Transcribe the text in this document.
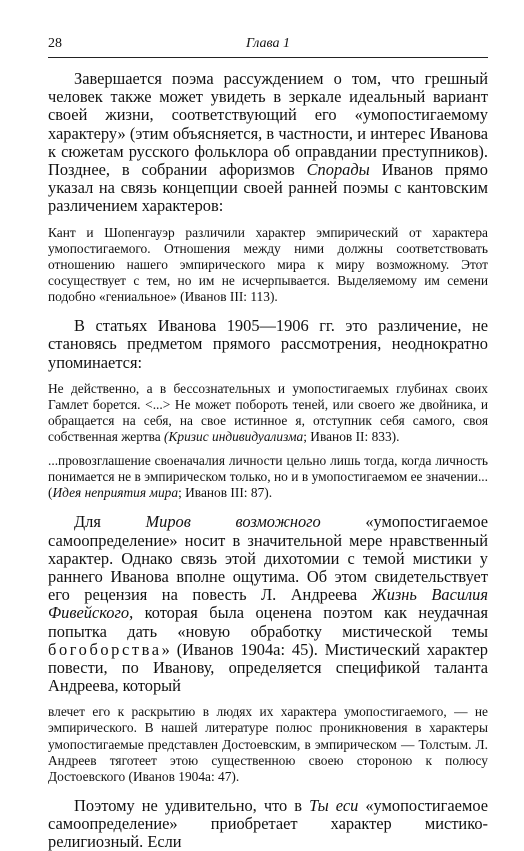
28	Глава 1

Завершается поэма рассуждением о том, что грешный человек также может увидеть в зеркале идеальный вариант своей жизни, соответствующий его «умопостигаемому характеру» (этим объясняется, в частности, и интерес Иванова к сюжетам русского фольклора об оправдании преступников). Позднее, в собрании афоризмов Спорады Иванов прямо указал на связь концепции своей ранней поэмы с кантовским различением характеров:

Кант и Шопенгауэр различили характер эмпирический от характера умопостигаемого. Отношения между ними должны соответствовать отношению нашего эмпирического мира к миру возможному. Этот сосуществует с тем, но им не исчерпывается. Выделяемому им семени подобно «гениальное» (Иванов III: 113).

В статьях Иванова 1905—1906 гг. это различение, не становясь предметом прямого рассмотрения, неоднократно упоминается:

Не действенно, а в бессознательных и умопостигаемых глубинах своих Гамлет борется. <...> Не может побороть теней, или своего же двойника, и обращается на себя, на свое истинное я, отступник себя самого, своя собственная жертва (Кризис индивидуализма; Иванов II: 833).

...провозглашение своеначалия личности цельно лишь тогда, когда личность понимается не в эмпирическом только, но и в умопостигаемом ее значении... (Идея неприятия мира; Иванов III: 87).

Для Миров возможного «умопостигаемое самоопределение» носит в значительной мере нравственный характер. Однако связь этой дихотомии с темой мистики у раннего Иванова вполне ощутима. Об этом свидетельствует его рецензия на повесть Л. Андреева Жизнь Василия Фивейского, которая была оценена поэтом как неудачная попытка дать «новую обработку мистической темы богоборства» (Иванов 1904а: 45). Мистический характер повести, по Иванову, определяется спецификой таланта Андреева, который

влечет его к раскрытию в людях их характера умопостигаемого, — не эмпирического. В нашей литературе полюс проникновения в характеры умопостигаемые представлен Достоевским, в эмпирическом — Толстым. Л. Андреев тяготеет этою существенною своею стороною к полюсу Достоевского (Иванов 1904а: 47).

Поэтому не удивительно, что в Ты еси «умопостигаемое самоопределение» приобретает характер мистико-религиозный. Если
